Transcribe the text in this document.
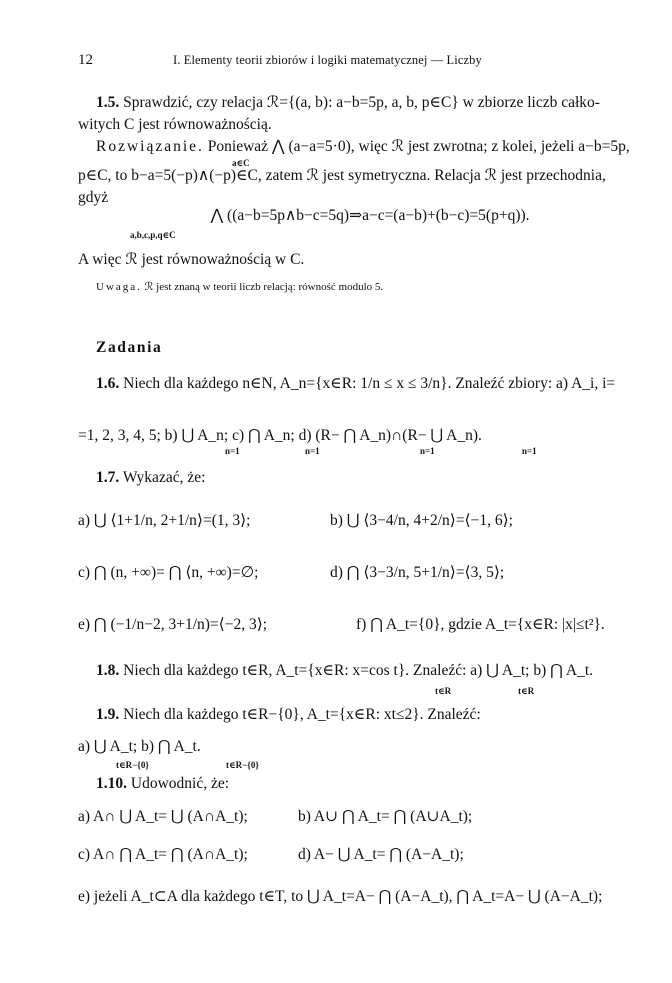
12	I. Elementy teorii zbiorów i logiki matematycznej — Liczby
1.5. Sprawdzić, czy relacja ℛ={(a, b): a−b=5p, a, b, p∈C} w zbiorze liczb całko-
witych C jest równoważnością.
Rozwiązanie. Ponieważ ⋀ (a−a=5·0), więc ℛ jest zwrotna; z kolei, jeżeli a−b=5p,
a∈C
p∈C, to b−a=5(−p)∧(−p)∈C, zatem ℛ jest symetryczna. Relacja ℛ jest przechodnia,
gdyż
⋀ ((a−b=5p∧b−c=5q)⇒a−c=(a−b)+(b−c)=5(p+q)).
a,b,c,p,q∈C
A więc ℛ jest równoważnością w C.
Uwaga. ℛ jest znaną w teorii liczb relacją: równość modulo 5.
Zadania
1.6. Niech dla każdego n∈N, A_n={x∈R: 1/n ≤ x ≤ 3/n}. Znaleźć zbiory: a) A_i, i=
=1, 2, 3, 4, 5; b) ⋃ A_n; c) ⋂ A_n; d) (R− ⋂ A_n)∩(R− ⋃ A_n).
1.7. Wykazać, że:
a) ⋃ ⟨1+1/n, 2+1/n⟩=(1, 3⟩;	b) ⋃ ⟨3−4/n, 4+2/n⟩=⟨−1, 6⟩;
c) ⋂ (n, +∞)= ⋂ ⟨n, +∞)=∅;	d) ⋂ ⟨3−3/n, 5+1/n⟩=⟨3, 5⟩;
e) ⋂ (−1/n−2, 3+1/n)=⟨−2, 3⟩;	f) ⋂ A_t={0}, gdzie A_t={x∈R: |x|≤t²}.
1.8. Niech dla każdego t∈R, A_t={x∈R: x=cos t}. Znaleźć: a) ⋃ A_t; b) ⋂ A_t.
1.9. Niech dla każdego t∈R−{0}, A_t={x∈R: xt≤2}. Znaleźć:
a) ⋃ A_t; b) ⋂ A_t.
1.10. Udowodnić, że:
a) A∩ ⋃ A_t= ⋃ (A∩A_t);	b) A∪ ⋂ A_t= ⋂ (A∪A_t);
c) A∩ ⋂ A_t= ⋂ (A∩A_t);	d) A− ⋃ A_t= ⋂ (A−A_t);
e) jeżeli A_t⊂A dla każdego t∈T, to ⋃ A_t=A− ⋂ (A−A_t), ⋂ A_t=A− ⋃ (A−A_t);
n=1	n=1	n=1	n=1
t∈R	t∈R
t∈R−{0}	t∈R−{0}
